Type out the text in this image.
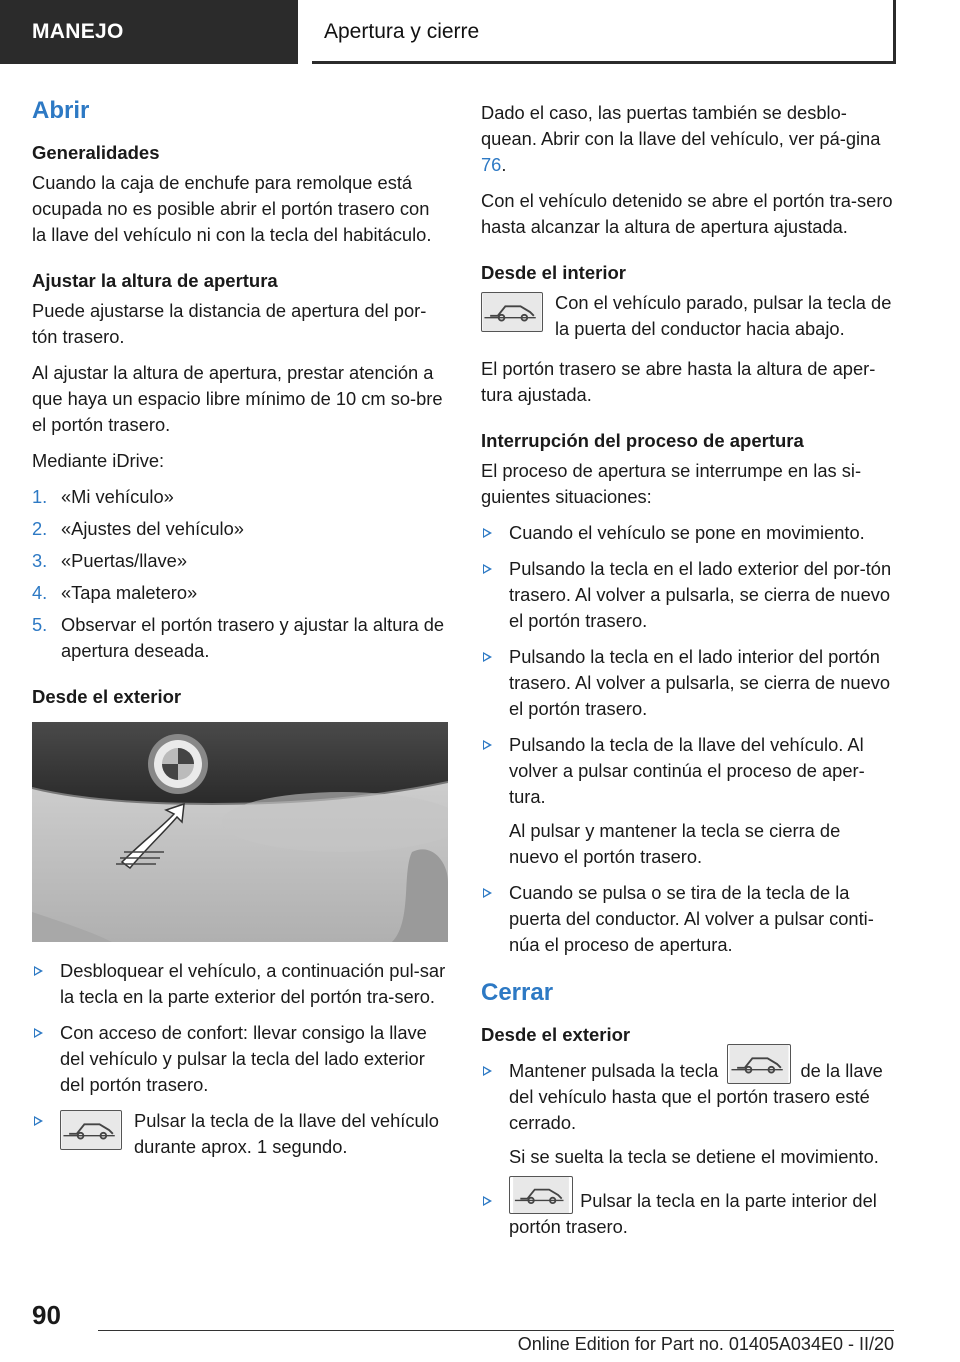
MANEJO	Apertura y cierre
Abrir
Generalidades

Cuando la caja de enchufe para remolque está ocupada no es posible abrir el portón trasero con la llave del vehículo ni con la tecla del habitáculo.

Ajustar la altura de apertura

Puede ajustarse la distancia de apertura del por-tón trasero.

Al ajustar la altura de apertura, prestar atención a que haya un espacio libre mínimo de 10 cm so-bre el portón trasero.

Mediante iDrive:

1. «Mi vehículo»
2. «Ajustes del vehículo»
3. «Puertas/llave»
4. «Tapa maletero»
5. Observar el portón trasero y ajustar la altura de apertura deseada.
Desde el exterior
Desbloquear el vehículo, a continuación pul-sar la tecla en la parte exterior del portón tra-sero.
Con acceso de confort: llevar consigo la llave del vehículo y pulsar la tecla del lado exterior del portón trasero.
Pulsar la tecla de la llave del vehículo durante aprox. 1 segundo.

Dado el caso, las puertas también se desblo-quean. Abrir con la llave del vehículo, ver pá-gina 76.

Con el vehículo detenido se abre el portón tra-sero hasta alcanzar la altura de apertura ajustada.

Desde el interior
Con el vehículo parado, pulsar la tecla de la puerta del conductor hacia abajo.

El portón trasero se abre hasta la altura de aper-tura ajustada.

Interrupción del proceso de apertura

El proceso de apertura se interrumpe en las si-guientes situaciones:

Cuando el vehículo se pone en movimiento.
Pulsando la tecla en el lado exterior del por-tón trasero. Al volver a pulsarla, se cierra de nuevo el portón trasero.
Pulsando la tecla en el lado interior del portón trasero. Al volver a pulsarla, se cierra de nuevo el portón trasero.
Pulsando la tecla de la llave del vehículo. Al volver a pulsar continúa el proceso de aper-tura.
Al pulsar y mantener la tecla se cierra de nuevo el portón trasero.
Cuando se pulsa o se tira de la tecla de la puerta del conductor. Al volver a pulsar conti-núa el proceso de apertura.
Cerrar
Desde el exterior
Mantener pulsada la tecla	de la llave del vehículo hasta que el portón trasero esté cerrado.
Si se suelta la tecla se detiene el movimiento.
Pulsar la tecla en la parte interior del portón trasero.
90
Online Edition for Part no. 01405A034E0 - II/20
